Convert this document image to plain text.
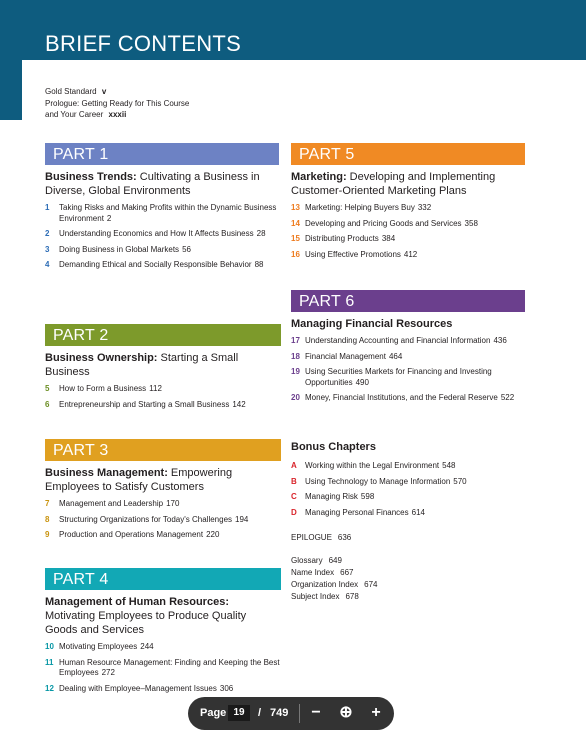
BRIEF CONTENTS
Gold Standard v
Prologue: Getting Ready for This Course
and Your Career xxxii
PART 1
Business Trends: Cultivating a Business in Diverse, Global Environments
1	Taking Risks and Making Profits within the Dynamic Business Environment 2
2	Understanding Economics and How It Affects Business 28
3	Doing Business in Global Markets 56
4	Demanding Ethical and Socially Responsible Behavior 88
PART 2
Business Ownership: Starting a Small Business
5	How to Form a Business 112
6	Entrepreneurship and Starting a Small Business 142
PART 3
Business Management: Empowering Employees to Satisfy Customers
7	Management and Leadership 170
8	Structuring Organizations for Today's Challenges 194
9	Production and Operations Management 220
PART 4
Management of Human Resources: Motivating Employees to Produce Quality Goods and Services
10 Motivating Employees 244
11 Human Resource Management: Finding and Keeping the Best Employees 272
12 Dealing with Employee–Management Issues 306
PART 5
Marketing: Developing and Implementing Customer-Oriented Marketing Plans
13 Marketing: Helping Buyers Buy 332
14 Developing and Pricing Goods and Services 358
15 Distributing Products 384
16 Using Effective Promotions 412
PART 6
Managing Financial Resources
17 Understanding Accounting and Financial Information 436
18 Financial Management 464
19 Using Securities Markets for Financing and Investing Opportunities 490
20 Money, Financial Institutions, and the Federal Reserve 522
Bonus Chapters
A	Working within the Legal Environment 548
B	Using Technology to Manage Information 570
C	Managing Risk 598
D	Managing Personal Finances 614
EPILOGUE 636
Glossary 649
Name Index 667
Organization Index 674
Subject Index 678
Page 19	/ 749	−	⊕	+
